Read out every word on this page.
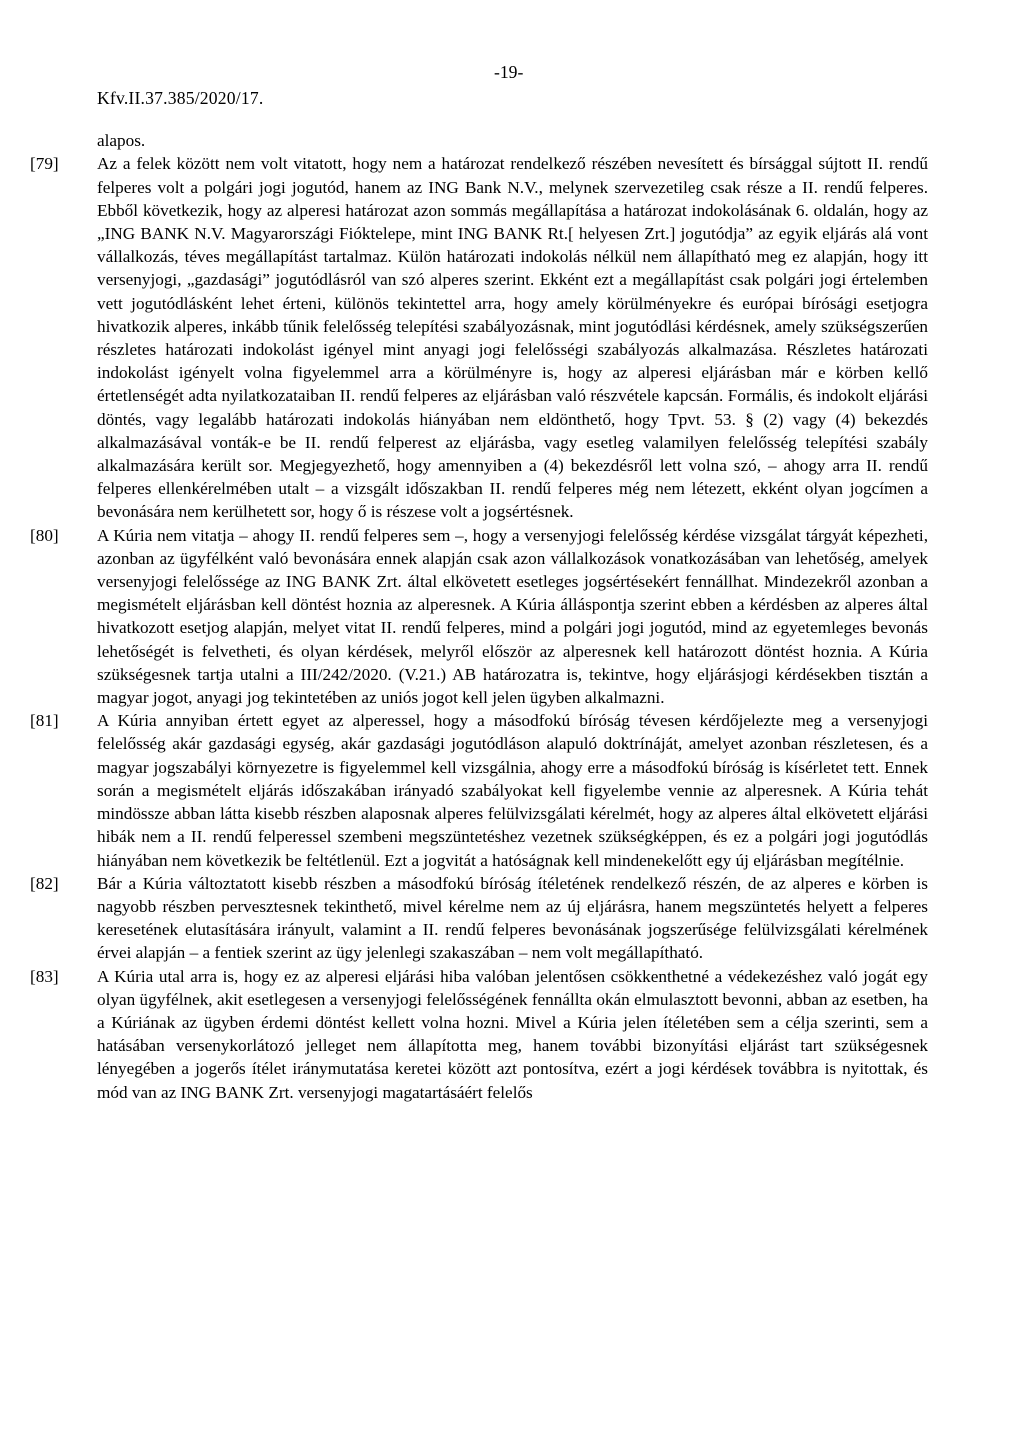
Kfv.II.37.385/2020/17.
-19-
alapos.
[79]	Az a felek között nem volt vitatott, hogy nem a határozat rendelkező részében nevesített és bírsággal sújtott II. rendű felperes volt a polgári jogi jogutód, hanem az ING Bank N.V., melynek szervezetileg csak része a II. rendű felperes. Ebből következik, hogy az alperesi határozat azon sommás megállapítása a határozat indokolásának 6. oldalán, hogy az „ING BANK N.V. Magyarországi Fióktelepe, mint ING BANK Rt.[ helyesen Zrt.] jogutódja” az egyik eljárás alá vont vállalkozás, téves megállapítást tartalmaz. Külön határozati indokolás nélkül nem állapítható meg ez alapján, hogy itt versenyjogi, „gazdasági” jogutódlásról van szó alperes szerint. Ekként ezt a megállapítást csak polgári jogi értelemben vett jogutódlásként lehet érteni, különös tekintettel arra, hogy amely körülményekre és európai bírósági esetjogra hivatkozik alperes, inkább tűnik felelősség telepítési szabályozásnak, mint jogutódlási kérdésnek, amely szükségszerűen részletes határozati indokolást igényel mint anyagi jogi felelősségi szabályozás alkalmazása. Részletes határozati indokolást igényelt volna figyelemmel arra a körülményre is, hogy az alperesi eljárásban már e körben kellő értetlenségét adta nyilatkozataiban II. rendű felperes az eljárásban való részvétele kapcsán. Formális, és indokolt eljárási döntés, vagy legalább határozati indokolás hiányában nem eldönthető, hogy Tpvt. 53. § (2) vagy (4) bekezdés alkalmazásával vonták-e be II. rendű felperest az eljárásba, vagy esetleg valamilyen felelősség telepítési szabály alkalmazására került sor. Megjegyezhető, hogy amennyiben a (4) bekezdésről lett volna szó, – ahogy arra II. rendű felperes ellenkérelmében utalt – a vizsgált időszakban II. rendű felperes még nem létezett, ekként olyan jogcímen a bevonására nem kerülhetett sor, hogy ő is részese volt a jogsértésnek.
[80]	A Kúria nem vitatja – ahogy II. rendű felperes sem –, hogy a versenyjogi felelősség kérdése vizsgálat tárgyát képezheti, azonban az ügyfélként való bevonására ennek alapján csak azon vállalkozások vonatkozásában van lehetőség, amelyek versenyjogi felelőssége az ING BANK Zrt. által elkövetett esetleges jogsértésekért fennállhat. Mindezekről azonban a megismételt eljárásban kell döntést hoznia az alperesnek. A Kúria álláspontja szerint ebben a kérdésben az alperes által hivatkozott esetjog alapján, melyet vitat II. rendű felperes, mind a polgári jogi jogutód, mind az egyetemleges bevonás lehetőségét is felvetheti, és olyan kérdések, melyről először az alperesnek kell határozott döntést hoznia. A Kúria szükségesnek tartja utalni a III/242/2020. (V.21.) AB határozatra is, tekintve, hogy eljárásjogi kérdésekben tisztán a magyar jogot, anyagi jog tekintetében az uniós jogot kell jelen ügyben alkalmazni.
[81]	A Kúria annyiban értett egyet az alperessel, hogy a másodfokú bíróság tévesen kérdőjelezte meg a versenyjogi felelősség akár gazdasági egység, akár gazdasági jogutódláson alapuló doktrínáját, amelyet azonban részletesen, és a magyar jogszabályi környezetre is figyelemmel kell vizsgálnia, ahogy erre a másodfokú bíróság is kísérletet tett. Ennek során a megismételt eljárás időszakában irányadó szabályokat kell figyelembe vennie az alperesnek. A Kúria tehát mindössze abban látta kisebb részben alaposnak alperes felülvizsgálati kérelmét, hogy az alperes által elkövetett eljárási hibák nem a II. rendű felperessel szembeni megszüntetéshez vezetnek szükségképpen, és ez a polgári jogi jogutódlás hiányában nem következik be feltétlenül. Ezt a jogvitát a hatóságnak kell mindenekelőtt egy új eljárásban megítélnie.
[82]	Bár a Kúria változtatott kisebb részben a másodfokú bíróság ítéletének rendelkező részén, de az alperes e körben is nagyobb részben pervesztesnek tekinthető, mivel kérelme nem az új eljárásra, hanem megszüntetés helyett a felperes keresetének elutasítására irányult, valamint a II. rendű felperes bevonásának jogszerűsége felülvizsgálati kérelmének érvei alapján – a fentiek szerint az ügy jelenlegi szakaszában – nem volt megállapítható.
[83]	A Kúria utal arra is, hogy ez az alperesi eljárási hiba valóban jelentősen csökkenthetné a védekezéshez való jogát egy olyan ügyfélnek, akit esetlegesen a versenyjogi felelősségének fennállta okán elmulasztott bevonni, abban az esetben, ha a Kúriának az ügyben érdemi döntést kellett volna hozni. Mivel a Kúria jelen ítéletében sem a célja szerinti, sem a hatásában versenykorlátozó jelleget nem állapította meg, hanem további bizonyítási eljárást tart szükségesnek lényegében a jogerős ítélet iránymutatása keretei között azt pontosítva, ezért a jogi kérdések továbbra is nyitottak, és mód van az ING BANK Zrt. versenyjogi magatartásáért felelős
